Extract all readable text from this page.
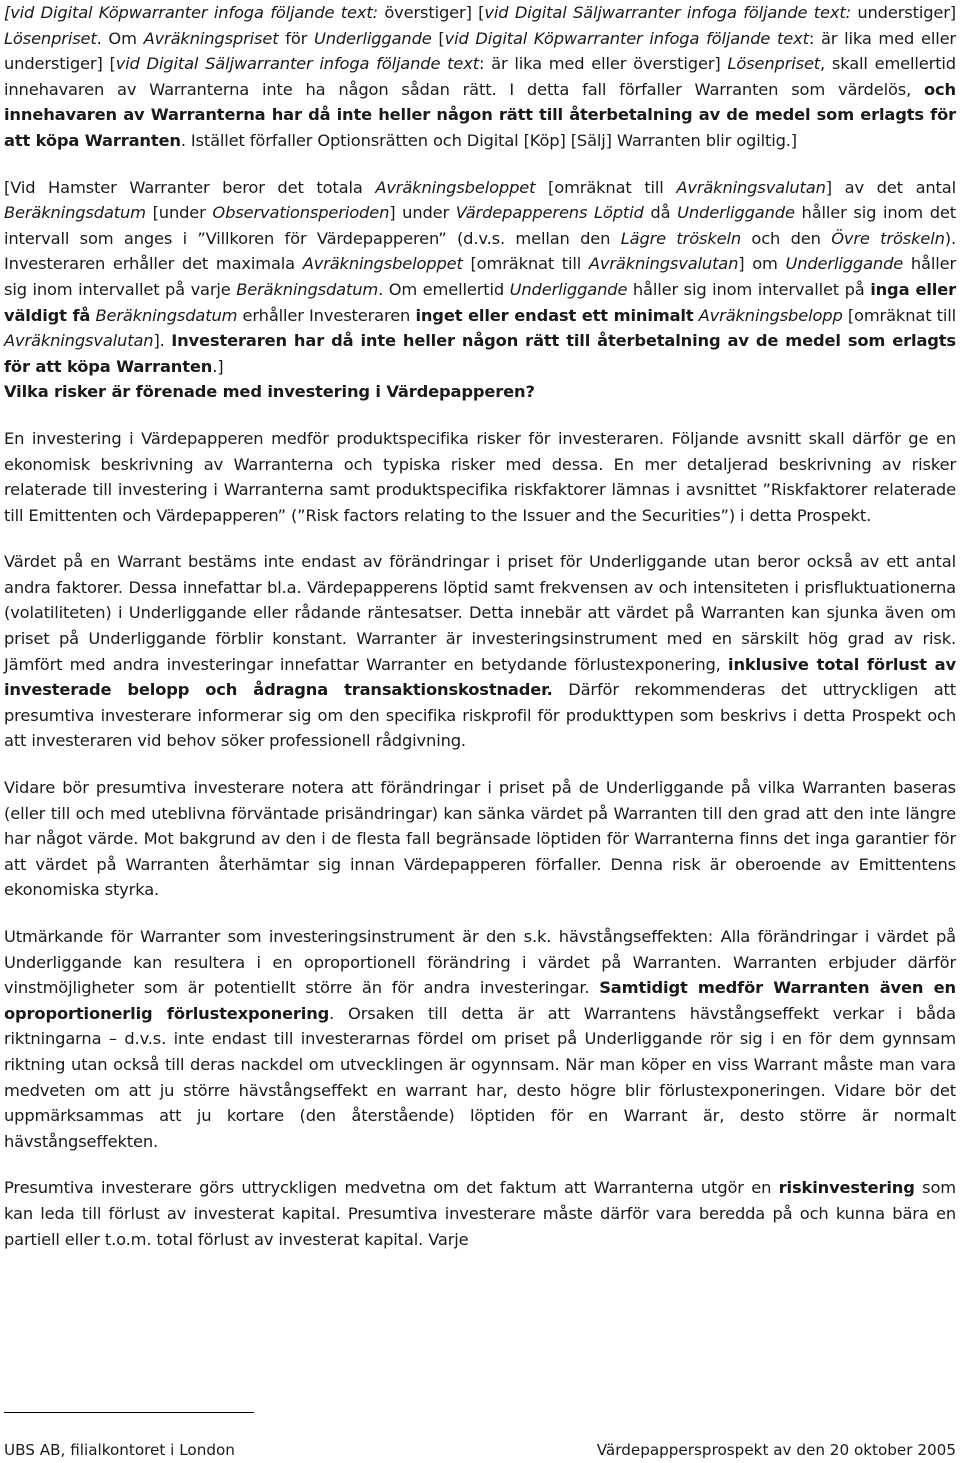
[vid Digital Köpwarranter infoga följande text: överstiger] [vid Digital Säljwarranter infoga följande text: understiger] Lösenpriset. Om Avräkningspriset för Underliggande [vid Digital Köpwarranter infoga följande text: är lika med eller understiger] [vid Digital Säljwarranter infoga följande text: är lika med eller överstiger] Lösenpriset, skall emellertid innehavaren av Warranterna inte ha någon sådan rätt. I detta fall förfaller Warranten som värdelös, och innehavaren av Warranterna har då inte heller någon rätt till återbetalning av de medel som erlagts för att köpa Warranten. Istället förfaller Optionsrätten och Digital [Köp] [Sälj] Warranten blir ogiltig.]

[Vid Hamster Warranter beror det totala Avräkningsbeloppet [omräknat till Avräkningsvalutan] av det antal Beräkningsdatum [under Observationsperioden] under Värdepapperens Löptid då Underliggande håller sig inom det intervall som anges i ”Villkoren för Värdepapperen” (d.v.s. mellan den Lägre tröskeln och den Övre tröskeln). Investeraren erhåller det maximala Avräkningsbeloppet [omräknat till Avräkningsvalutan] om Underliggande håller sig inom intervallet på varje Beräkningsdatum. Om emellertid Underliggande håller sig inom intervallet på inga eller väldigt få Beräkningsdatum erhåller Investeraren inget eller endast ett minimalt Avräkningsbelopp [omräknat till Avräkningsvalutan]. Investeraren har då inte heller någon rätt till återbetalning av de medel som erlagts för att köpa Warranten.]

Vilka risker är förenade med investering i Värdepapperen?

En investering i Värdepapperen medför produktspecifika risker för investeraren. Följande avsnitt skall därför ge en ekonomisk beskrivning av Warranterna och typiska risker med dessa. En mer detaljerad beskrivning av risker relaterade till investering i Warranterna samt produktspecifika riskfaktorer lämnas i avsnittet ”Riskfaktorer relaterade till Emittenten och Värdepapperen” (”Risk factors relating to the Issuer and the Securities”) i detta Prospekt.

Värdet på en Warrant bestäms inte endast av förändringar i priset för Underliggande utan beror också av ett antal andra faktorer. Dessa innefattar bl.a. Värdepapperens löptid samt frekvensen av och intensiteten i prisfluktuationerna (volatiliteten) i Underliggande eller rådande räntesatser. Detta innebär att värdet på Warranten kan sjunka även om priset på Underliggande förblir konstant. Warranter är investeringsinstrument med en särskilt hög grad av risk. Jämfört med andra investeringar innefattar Warranter en betydande förlustexponering, inklusive total förlust av investerade belopp och ådragna transaktionskostnader. Därför rekommenderas det uttryckligen att presumtiva investerare informerar sig om den specifika riskprofil för produkttypen som beskrivs i detta Prospekt och att investeraren vid behov söker professionell rådgivning.

Vidare bör presumtiva investerare notera att förändringar i priset på de Underliggande på vilka Warranten baseras (eller till och med uteblivna förväntade prisändringar) kan sänka värdet på Warranten till den grad att den inte längre har något värde. Mot bakgrund av den i de flesta fall begränsade löptiden för Warranterna finns det inga garantier för att värdet på Warranten återhämtar sig innan Värdepapperen förfaller. Denna risk är oberoende av Emittentens ekonomiska styrka.

Utmärkande för Warranter som investeringsinstrument är den s.k. hävstångseffekten: Alla förändringar i värdet på Underliggande kan resultera i en oproportionell förändring i värdet på Warranten. Warranten erbjuder därför vinstmöjligheter som är potentiellt större än för andra investeringar. Samtidigt medför Warranten även en oproportionerlig förlustexponering. Orsaken till detta är att Warrantens hävstångseffekt verkar i båda riktningarna – d.v.s. inte endast till investerarnas fördel om priset på Underliggande rör sig i en för dem gynnsam riktning utan också till deras nackdel om utvecklingen är ogynnsam. När man köper en viss Warrant måste man vara medveten om att ju större hävstångseffekt en warrant har, desto högre blir förlustexponeringen. Vidare bör det uppmärksammas att ju kortare (den återstående) löptiden för en Warrant är, desto större är normalt hävstångseffekten.

Presumtiva investerare görs uttryckligen medvetna om det faktum att Warranterna utgör en riskinvestering som kan leda till förlust av investerat kapital. Presumtiva investerare måste därför vara beredda på och kunna bära en partiell eller t.o.m. total förlust av investerat kapital. Varje

UBS AB, filialkontoret i London	Värdepappersprospekt av den 20 oktober 2005
